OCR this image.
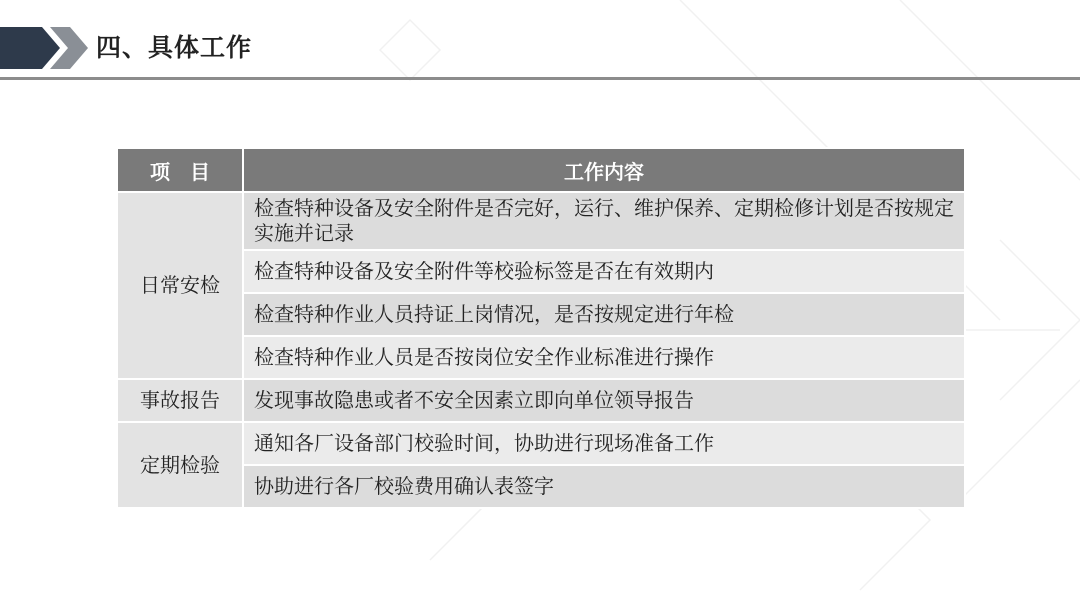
四、具体工作
项　目	工作内容
日常安检	检查特种设备及安全附件是否完好，运行、维护保养、定期检修计划是否按规定实施并记录
	检查特种设备及安全附件等校验标签是否在有效期内
	检查特种作业人员持证上岗情况，是否按规定进行年检
	检查特种作业人员是否按岗位安全作业标准进行操作
事故报告	发现事故隐患或者不安全因素立即向单位领导报告
定期检验	通知各厂设备部门校验时间，协助进行现场准备工作
	协助进行各厂校验费用确认表签字
